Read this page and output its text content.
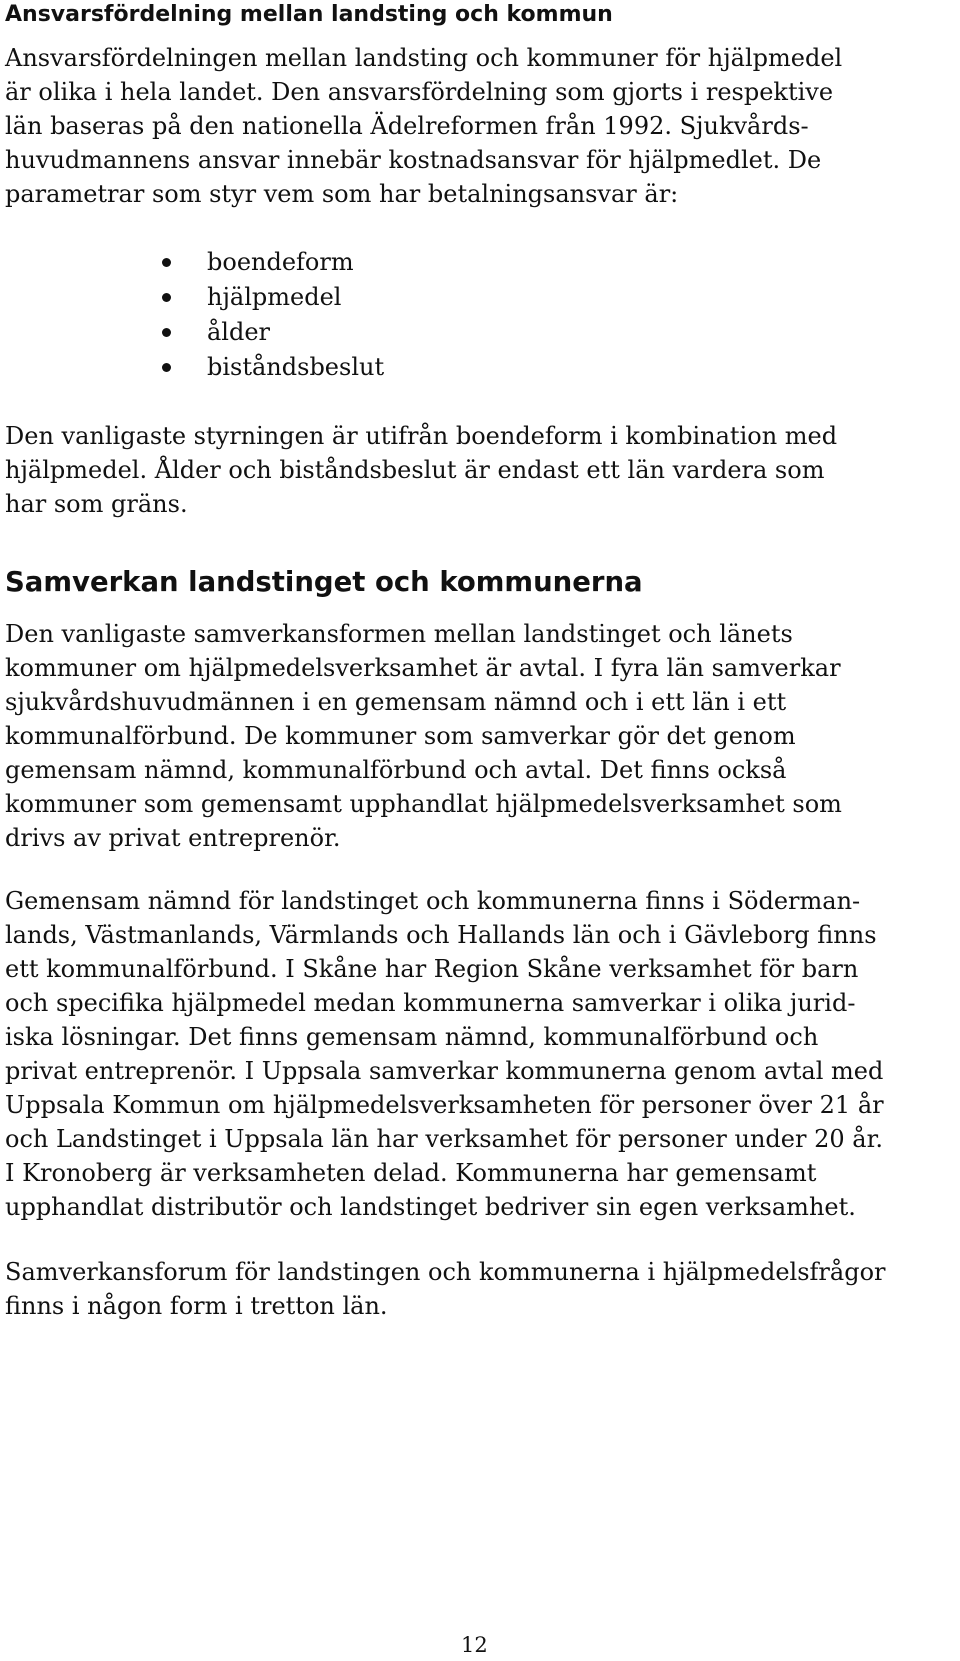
Ansvarsfördelning mellan landsting och kommun

Ansvarsfördelningen mellan landsting och kommuner för hjälpmedel
är olika i hela landet. Den ansvarsfördelning som gjorts i respektive
län baseras på den nationella Ädelreformen från 1992. Sjukvårds-
huvudmannens ansvar innebär kostnadsansvar för hjälpmedlet. De
parametrar som styr vem som har betalningsansvar är:

boendeform
hjälpmedel
ålder
biståndsbeslut

Den vanligaste styrningen är utifrån boendeform i kombination med
hjälpmedel. Ålder och biståndsbeslut är endast ett län vardera som
har som gräns.

Samverkan landstinget och kommunerna

Den vanligaste samverkansformen mellan landstinget och länets
kommuner om hjälpmedelsverksamhet är avtal. I fyra län samverkar
sjukvårdshuvudmännen i en gemensam nämnd och i ett län i ett
kommunalförbund. De kommuner som samverkar gör det genom
gemensam nämnd, kommunalförbund och avtal. Det finns också
kommuner som gemensamt upphandlat hjälpmedelsverksamhet som
drivs av privat entreprenör.

Gemensam nämnd för landstinget och kommunerna finns i Söderman-
lands, Västmanlands, Värmlands och Hallands län och i Gävleborg finns
ett kommunalförbund. I Skåne har Region Skåne verksamhet för barn
och specifika hjälpmedel medan kommunerna samverkar i olika jurid-
iska lösningar. Det finns gemensam nämnd, kommunalförbund och
privat entreprenör. I Uppsala samverkar kommunerna genom avtal med
Uppsala Kommun om hjälpmedelsverksamheten för personer över 21 år
och Landstinget i Uppsala län har verksamhet för personer under 20 år.
I Kronoberg är verksamheten delad. Kommunerna har gemensamt
upphandlat distributör och landstinget bedriver sin egen verksamhet.

Samverkansforum för landstingen och kommunerna i hjälpmedelsfrågor
finns i någon form i tretton län.

12
